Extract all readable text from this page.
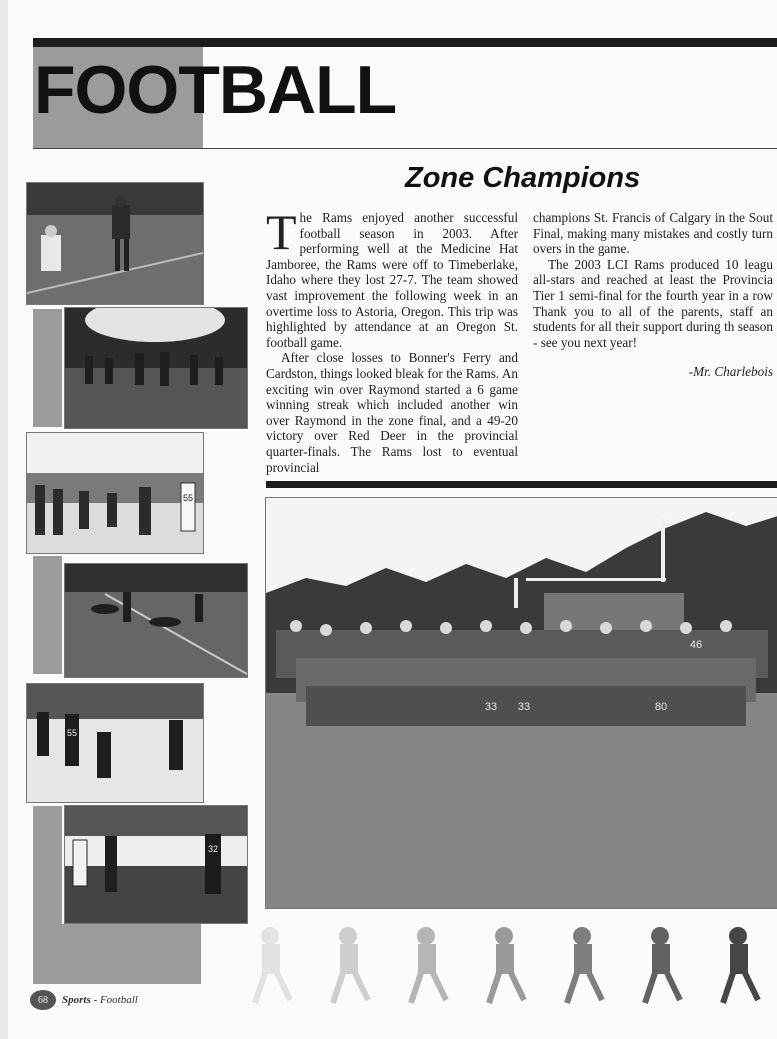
FOOTBALL
Zone Champions

The Rams enjoyed another successful football season in 2003. After performing well at the Medicine Hat Jamboree, the Rams were off to Timeberlake, Idaho where they lost 27-7. The team showed vast improvement the following week in an overtime loss to Astoria, Oregon. This trip was highlighted by attendance at an Oregon St. football game.

After close losses to Bonner's Ferry and Cardston, things looked bleak for the Rams. An exciting win over Raymond started a 6 game winning streak which included another win over Raymond in the zone final, and a 49-20 victory over Red Deer in the provincial quarter-finals. The Rams lost to eventual provincial

champions St. Francis of Calgary in the Sout Final, making many mistakes and costly turn overs in the game.

The 2003 LCI Rams produced 10 leagu all-stars and reached at least the Provincia Tier 1 semi-final for the fourth year in a row Thank you to all of the parents, staff an students for all their support during th season - see you next year!

-Mr. Charlebois
55
55
32
33	80
33
46
68	Sports - Football
